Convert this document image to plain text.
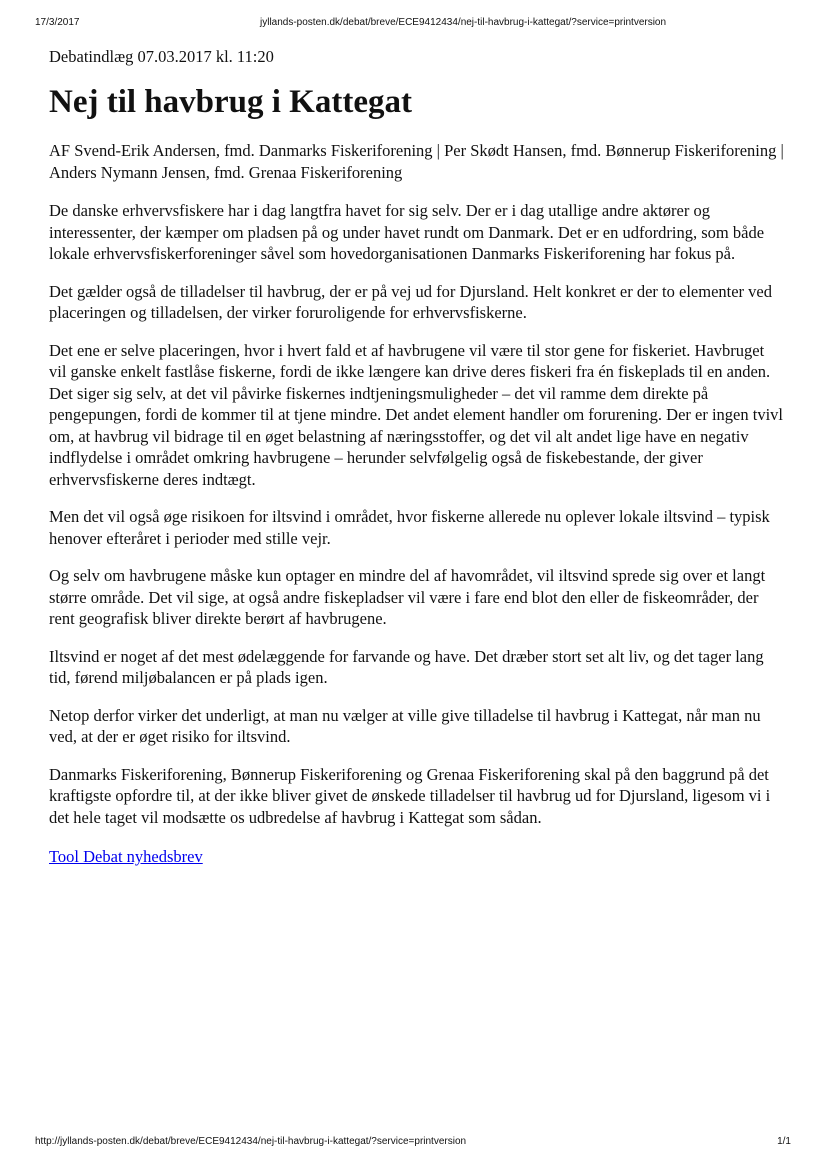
17/3/2017	jyllands-posten.dk/debat/breve/ECE9412434/nej-til-havbrug-i-kattegat/?service=printversion
Debatindlæg 07.03.2017 kl. 11:20
Nej til havbrug i Kattegat

AF Svend-Erik Andersen, fmd. Danmarks Fiskeriforening | Per Skødt Hansen, fmd. Bønnerup Fiskeriforening | Anders Nymann Jensen, fmd. Grenaa Fiskeriforening

De danske erhvervsfiskere har i dag langtfra havet for sig selv. Der er i dag utallige andre aktører og interessenter, der kæmper om pladsen på og under havet rundt om Danmark. Det er en udfordring, som både lokale erhvervsfiskerforeninger såvel som hovedorganisationen Danmarks Fiskeriforening har fokus på.

Det gælder også de tilladelser til havbrug, der er på vej ud for Djursland. Helt konkret er der to elementer ved placeringen og tilladelsen, der virker foruroligende for erhvervsfiskerne.

Det ene er selve placeringen, hvor i hvert fald et af havbrugene vil være til stor gene for fiskeriet. Havbruget vil ganske enkelt fastlåse fiskerne, fordi de ikke længere kan drive deres fiskeri fra én fiskeplads til en anden. Det siger sig selv, at det vil påvirke fiskernes indtjeningsmuligheder – det vil ramme dem direkte på pengepungen, fordi de kommer til at tjene mindre. Det andet element handler om forurening. Der er ingen tvivl om, at havbrug vil bidrage til en øget belastning af næringsstoffer, og det vil alt andet lige have en negativ indflydelse i området omkring havbrugene – herunder selvfølgelig også de fiskebestande, der giver erhvervsfiskerne deres indtægt.

Men det vil også øge risikoen for iltsvind i området, hvor fiskerne allerede nu oplever lokale iltsvind – typisk henover efteråret i perioder med stille vejr.

Og selv om havbrugene måske kun optager en mindre del af havområdet, vil iltsvind sprede sig over et langt større område. Det vil sige, at også andre fiskepladser vil være i fare end blot den eller de fiskeområder, der rent geografisk bliver direkte berørt af havbrugene.

Iltsvind er noget af det mest ødelæggende for farvande og have. Det dræber stort set alt liv, og det tager lang tid, førend miljøbalancen er på plads igen.

Netop derfor virker det underligt, at man nu vælger at ville give tilladelse til havbrug i Kattegat, når man nu ved, at der er øget risiko for iltsvind.

Danmarks Fiskeriforening, Bønnerup Fiskeriforening og Grenaa Fiskeriforening skal på den baggrund på det kraftigste opfordre til, at der ikke bliver givet de ønskede tilladelser til havbrug ud for Djursland, ligesom vi i det hele taget vil modsætte os udbredelse af havbrug i Kattegat som sådan.

Tool Debat nyhedsbrev
http://jyllands-posten.dk/debat/breve/ECE9412434/nej-til-havbrug-i-kattegat/?service=printversion	1/1
